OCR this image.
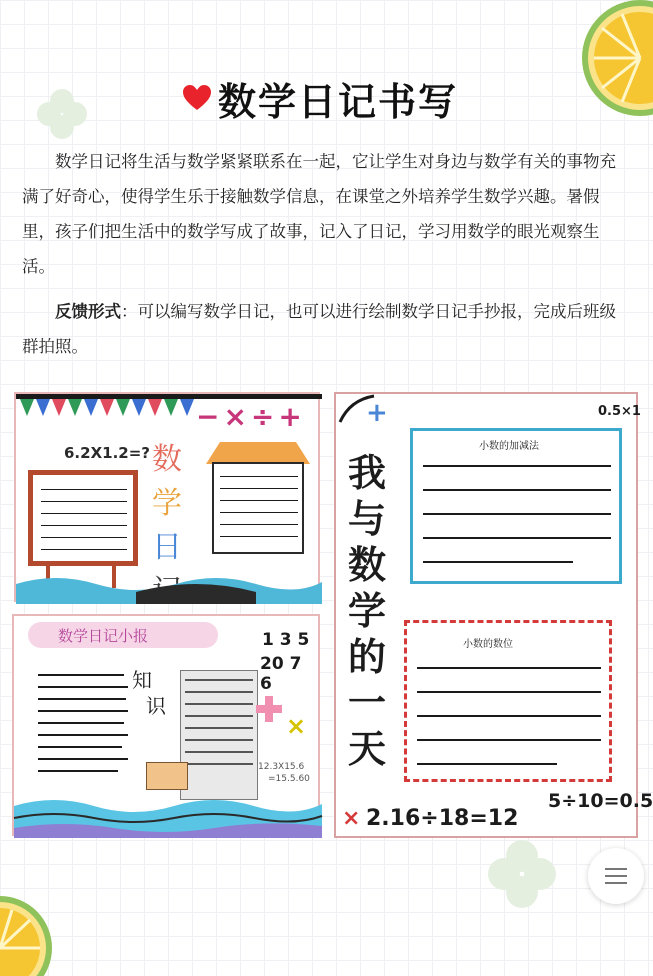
数学日记书写

数学日记将生活与数学紧紧联系在一起，它让学生对身边与数学有关的事物充满了好奇心，使得学生乐于接触数学信息，在课堂之外培养学生数学兴趣。暑假里，孩子们把生活中的数学写成了故事，记入了日记，学习用数学的眼光观察生活。

反馈形式：可以编写数学日记，也可以进行绘制数学日记手抄报，完成后班级群拍照。

6.2X1.2=?
−×÷+
数
学
日
数学日记小报
知
识
1 3 5
20 7 6
×
12.3X15.6
=15.5.60
+	0.5×1
我
与
数
学
的
一
天
小数的加减法
小数的数位
× 2.16÷18=12
5÷10=0.5
